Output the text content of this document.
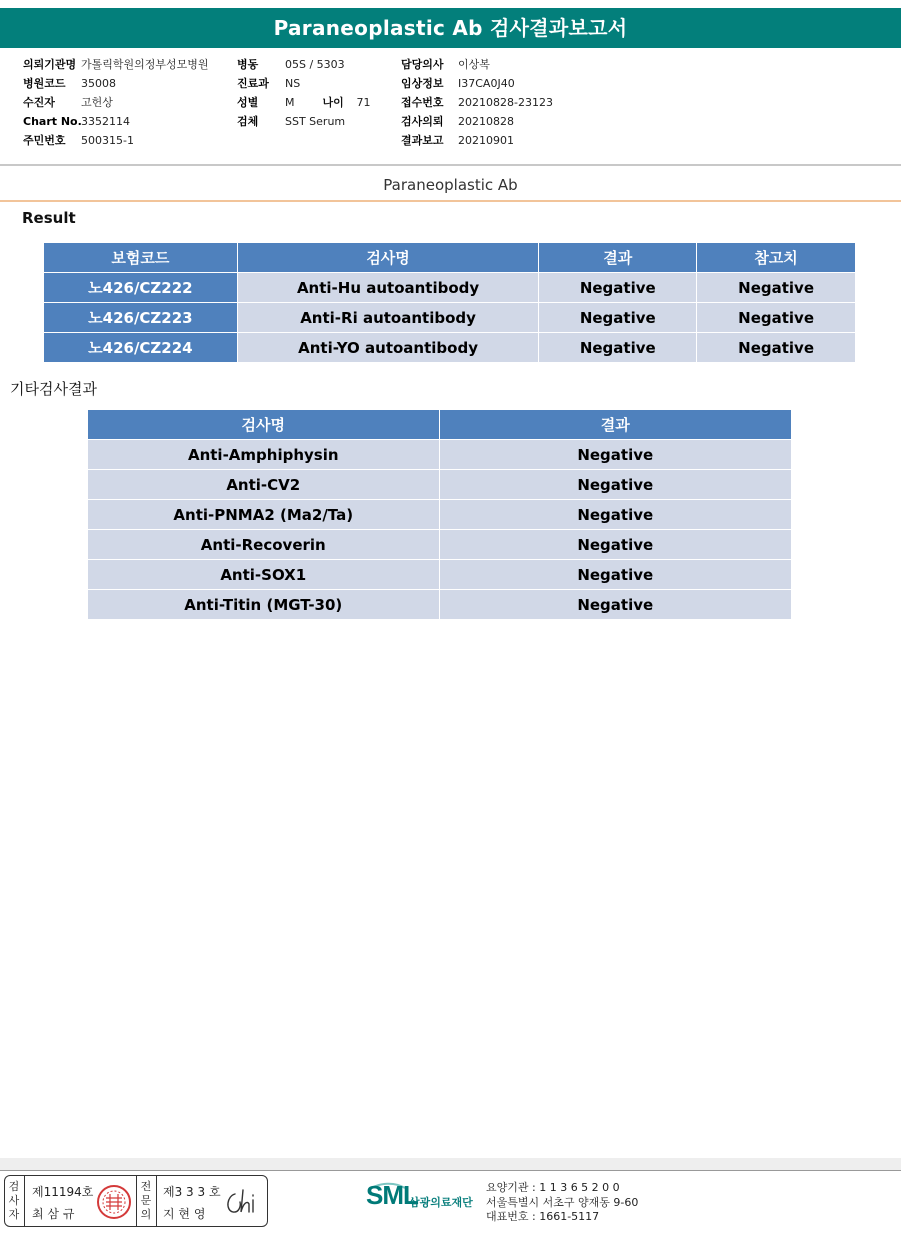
Paraneoplastic Ab 검사결과보고서
의뢰기관명 가톨릭학원의정부성모병원
병원코드	35008
수진자	고헌상
Chart No. 3352114
주민번호	500315-1
병동	05S / 5303
진료과	NS
성별	M	나이	71
검체	SST Serum
담당의사	이상복
임상정보	I37CA0J40
접수번호	20210828-23123
검사의뢰	20210828
결과보고	20210901
Paraneoplastic Ab
Result
보험코드	검사명	결과	참고치
노426/CZ222	Anti-Hu autoantibody	Negative	Negative
노426/CZ223	Anti-Ri autoantibody	Negative	Negative
노426/CZ224	Anti-YO autoantibody	Negative	Negative
기타검사결과
검사명	결과
Anti-Amphiphysin	Negative
Anti-CV2	Negative
Anti-PNMA2 (Ma2/Ta)	Negative
Anti-Recoverin	Negative
Anti-SOX1	Negative
Anti-Titin (MGT-30)	Negative
검사자
제11194호
최 삼 규
전문의
제3 3 3 호
지 현 영
SML
삼광의료재단
요양기관 : 1 1 3 6 5 2 0 0
서울특별시 서초구 양재동 9-60
대표번호 : 1661-5117
